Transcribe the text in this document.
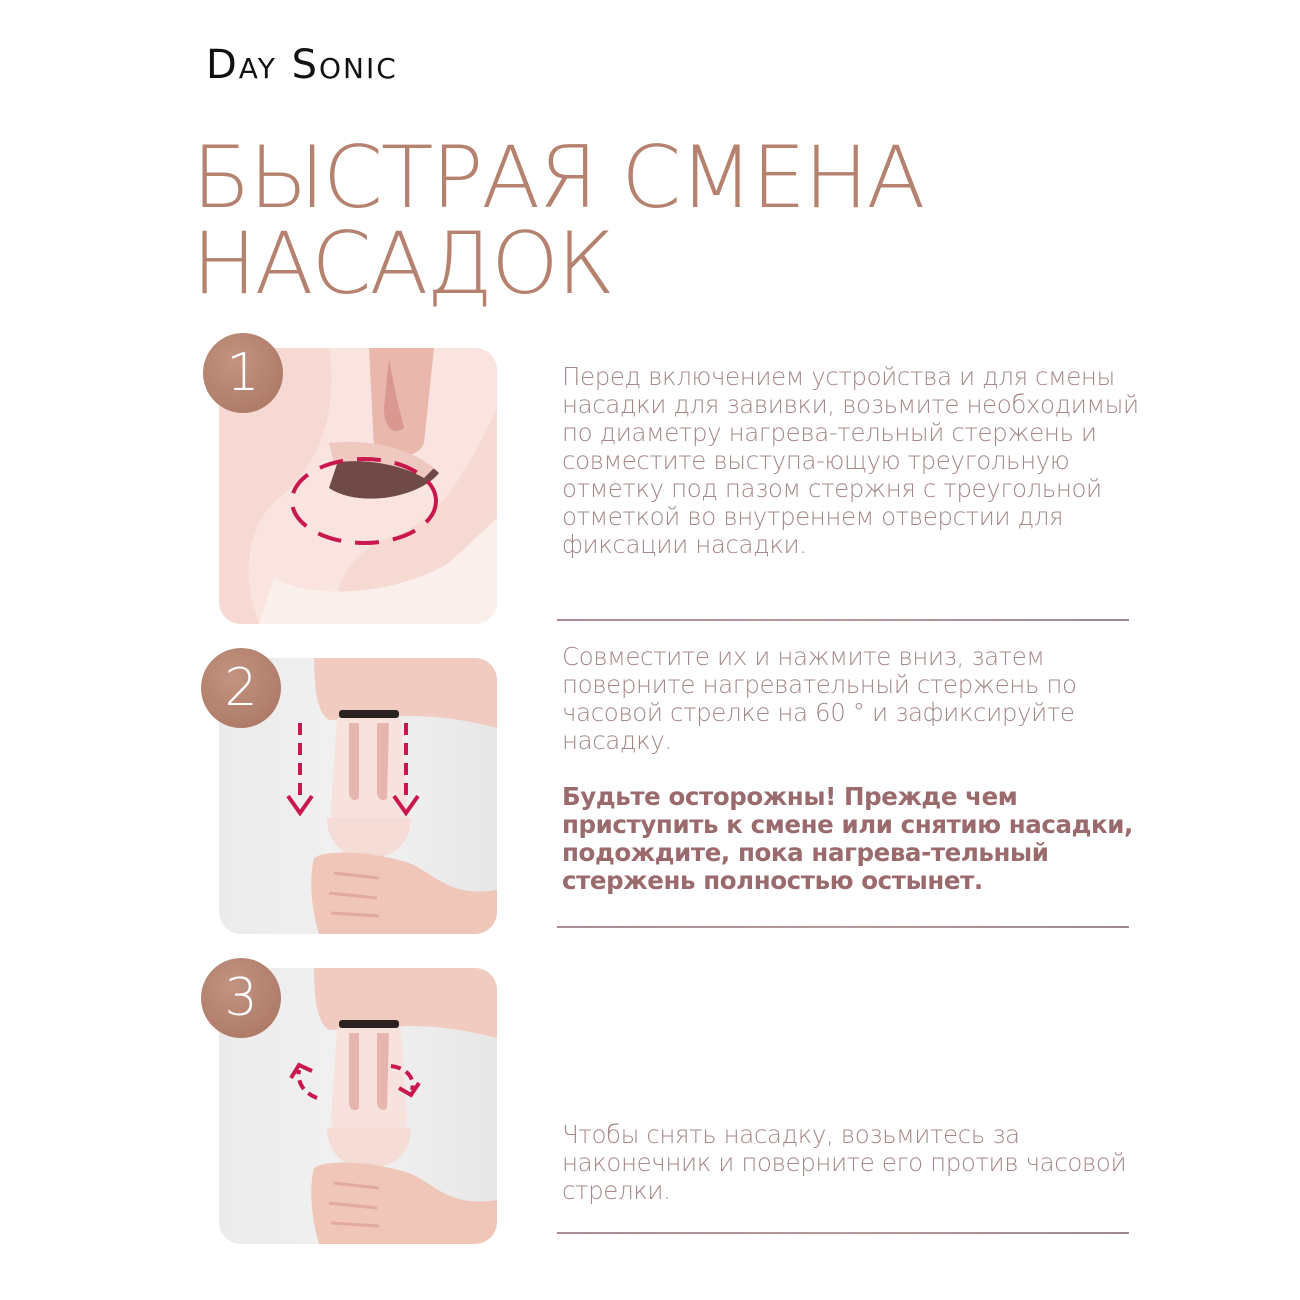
Day Sonic
БЫСТРАЯ СМЕНА
НАСАДОК
1	Перед включением устройства и для смены насадки для завивки, возьмите необходимый по диаметру нагрева-тельный стержень и совместите выступа-ющую треугольную отметку под пазом стержня с треугольной отметкой во внутреннем отверстии для фиксации насадки.
2
Совместите их и нажмите вниз, затем поверните нагревательный стержень по часовой стрелке на 60 ° и зафиксируйте насадку.
Будьте осторожны! Прежде чем приступить к смене или снятию насадки, подождите, пока нагрева-тельный стержень полностью остынет.
3
Чтобы снять насадку, возьмитесь за наконечник и поверните его против часовой стрелки.
